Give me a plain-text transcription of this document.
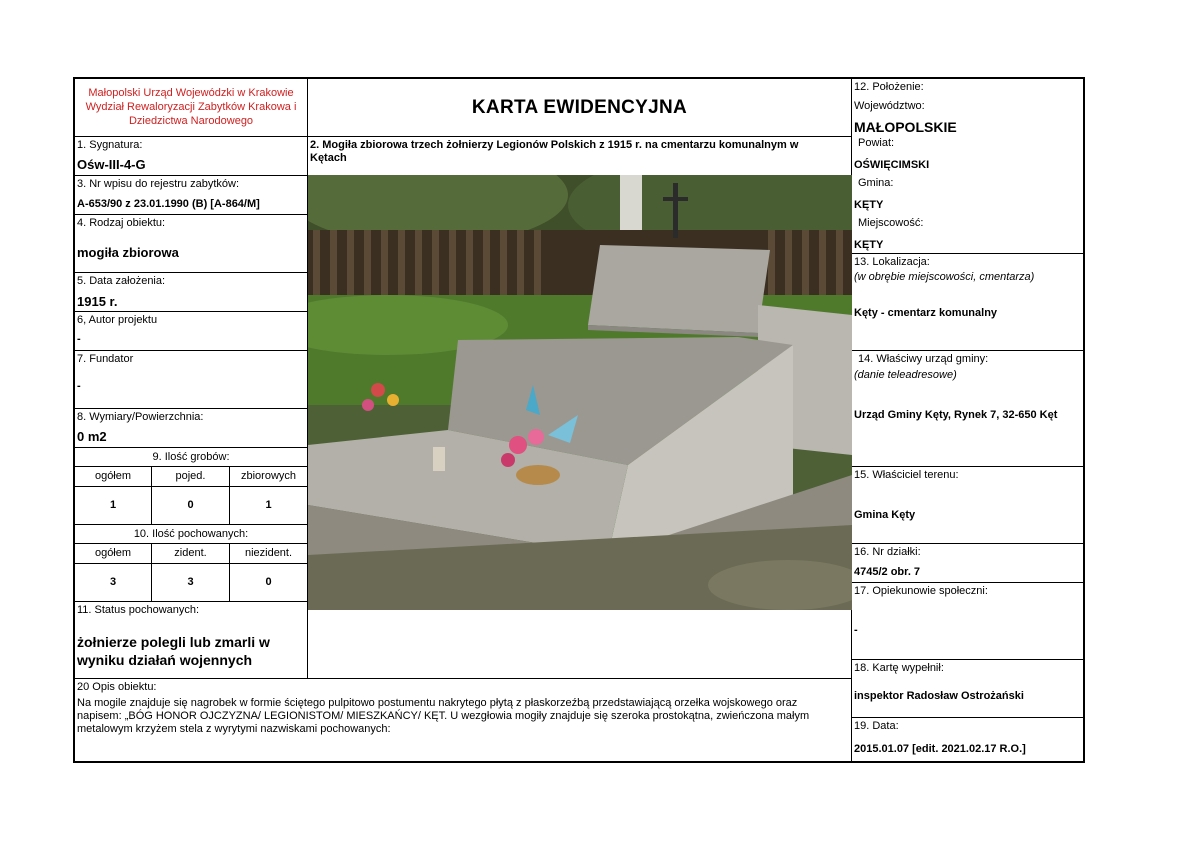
Małopolski Urząd Wojewódzki w Krakowie
Wydział Rewaloryzacji Zabytków Krakowa i
Dziedzictwa Narodowego
KARTA EWIDENCYJNA
1. Sygnatura:
Ośw-III-4-G
3. Nr wpisu do rejestru zabytków:
A-653/90 z 23.01.1990 (B) [A-864/M]
4. Rodzaj obiektu:
mogiła zbiorowa
5. Data założenia:
1915 r.
6, Autor projektu
-
7. Fundator
-
8. Wymiary/Powierzchnia:
0 m2
9. Ilość grobów:
ogółem	pojed.	zbiorowych
1	0	1
10. Ilość pochowanych:
ogółem	zident.	niezident.
3	3	0
11. Status pochowanych:
żołnierze polegli lub zmarli w
wyniku działań wojennych
2. Mogiła zbiorowa trzech żołnierzy Legionów Polskich z 1915 r. na cmentarzu komunalnym w
Kętach
12. Położenie:
Województwo:
MAŁOPOLSKIE
Powiat:
OŚWIĘCIMSKI
Gmina:
KĘTY
Miejscowość:
KĘTY
13. Lokalizacja:
(w obrębie miejscowości, cmentarza)
Kęty - cmentarz komunalny
14. Właściwy urząd gminy:
(danie teleadresowe)
Urząd Gminy Kęty, Rynek 7, 32-650 Kęt
15. Właściciel terenu:
Gmina Kęty
16. Nr działki:
4745/2 obr. 7
17. Opiekunowie społeczni:
-
18. Kartę wypełnił:
inspektor Radosław Ostrożański
19. Data:
2015.01.07 [edit. 2021.02.17 R.O.]
20 Opis obiektu:
Na mogile znajduje się nagrobek w formie ściętego pulpitowo postumentu nakrytego płytą z płaskorzeźbą przedstawiającą orzełka wojskowego oraz
napisem: „BÓG HONOR OJCZYZNA/ LEGIONISTOM/ MIESZKAŃCY/ KĘT. U wezgłowia mogiły znajduje się szeroka prostokątna, zwieńczona małym
metalowym krzyżem stela z wyrytymi nazwiskami pochowanych:
